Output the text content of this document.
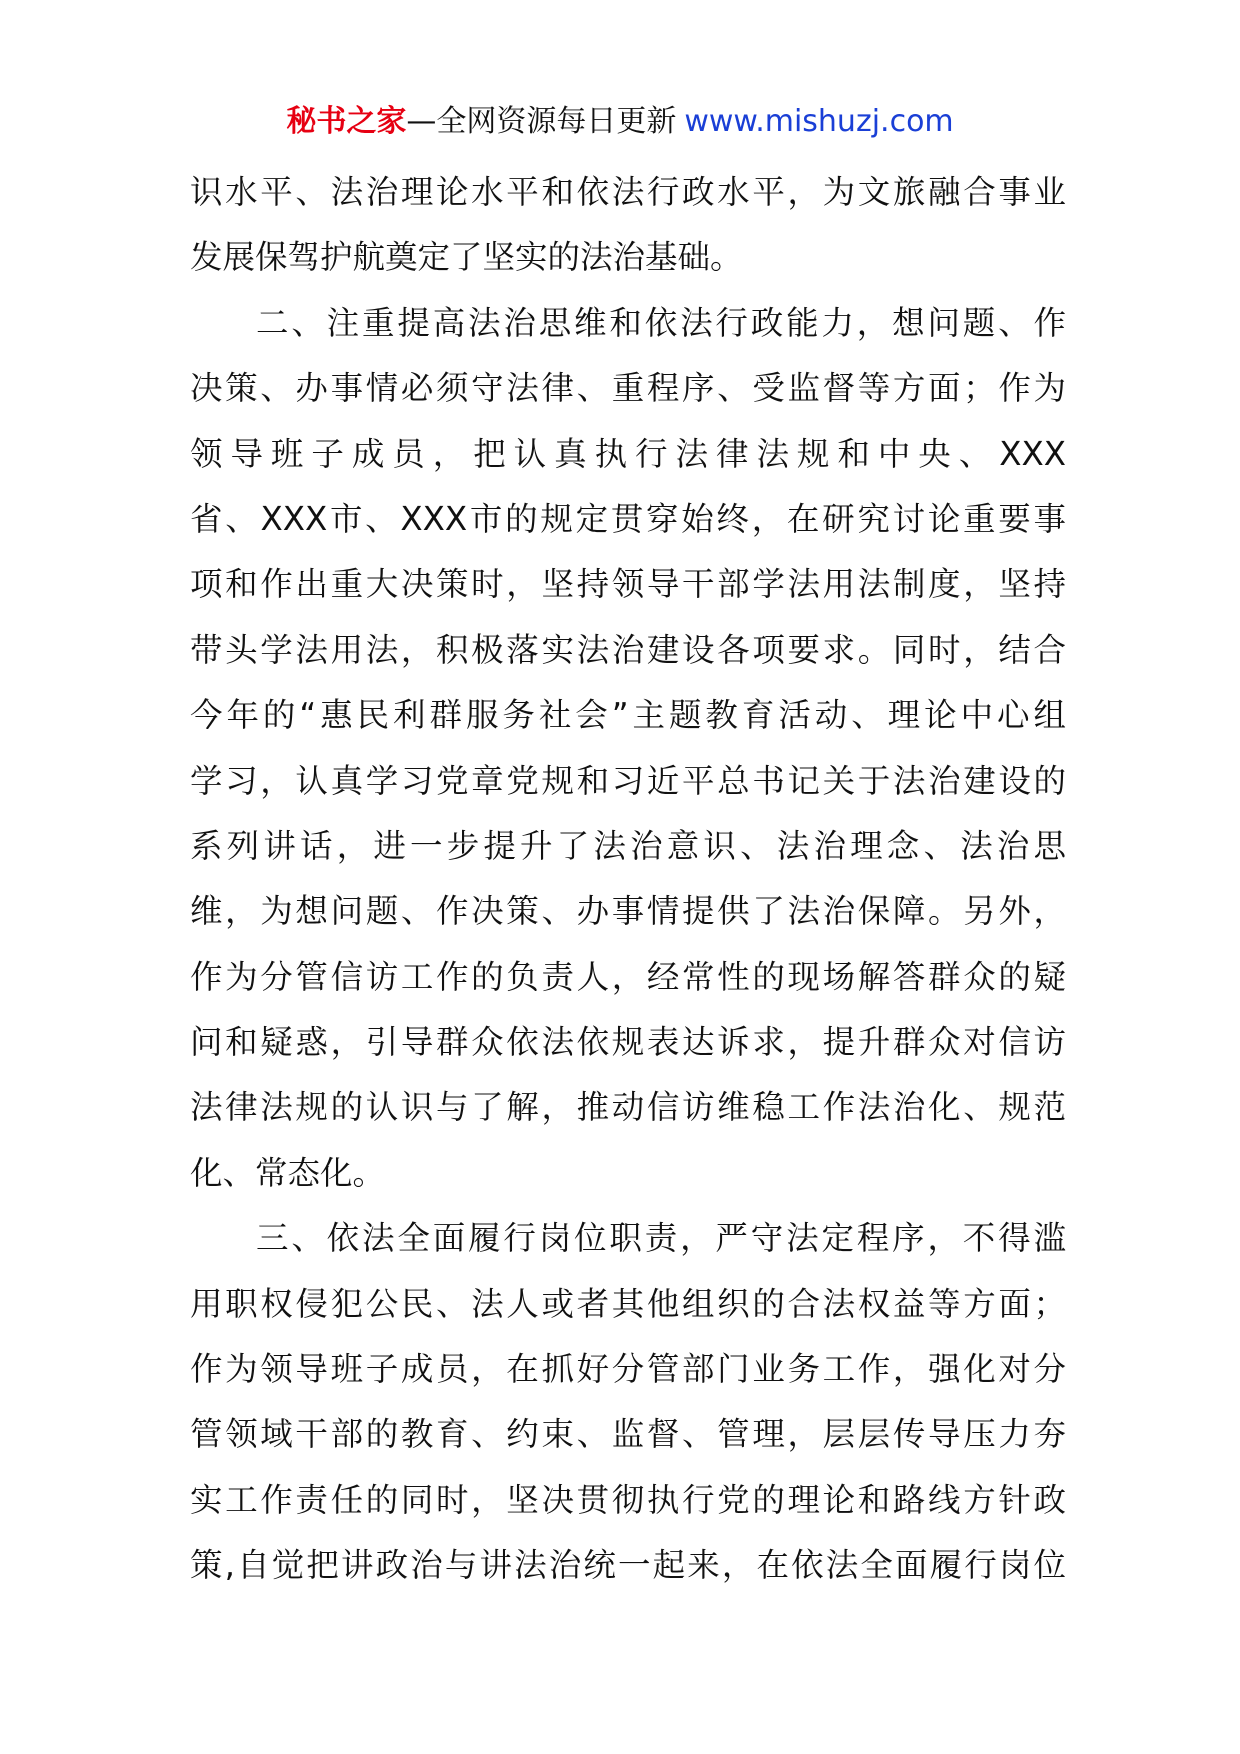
秘书之家—全网资源每日更新 www.mishuzj.com
识水平、法治理论水平和依法行政水平，为文旅融合事业
发展保驾护航奠定了坚实的法治基础。
二、注重提高法治思维和依法行政能力，想问题、作
决策、办事情必须守法律、重程序、受监督等方面；作为
领导班子成员，把认真执行法律法规和中央、XXX
省、XXX市、XXX市的规定贯穿始终，在研究讨论重要事
项和作出重大决策时，坚持领导干部学法用法制度，坚持
带头学法用法，积极落实法治建设各项要求。同时，结合
今年的“惠民利群服务社会”主题教育活动、理论中心组
学习，认真学习党章党规和习近平总书记关于法治建设的
系列讲话，进一步提升了法治意识、法治理念、法治思
维，为想问题、作决策、办事情提供了法治保障。另外，
作为分管信访工作的负责人，经常性的现场解答群众的疑
问和疑惑，引导群众依法依规表达诉求，提升群众对信访
法律法规的认识与了解，推动信访维稳工作法治化、规范
化、常态化。
三、依法全面履行岗位职责，严守法定程序，不得滥
用职权侵犯公民、法人或者其他组织的合法权益等方面；
作为领导班子成员，在抓好分管部门业务工作，强化对分
管领域干部的教育、约束、监督、管理，层层传导压力夯
实工作责任的同时，坚决贯彻执行党的理论和路线方针政
策,自觉把讲政治与讲法治统一起来，在依法全面履行岗位
